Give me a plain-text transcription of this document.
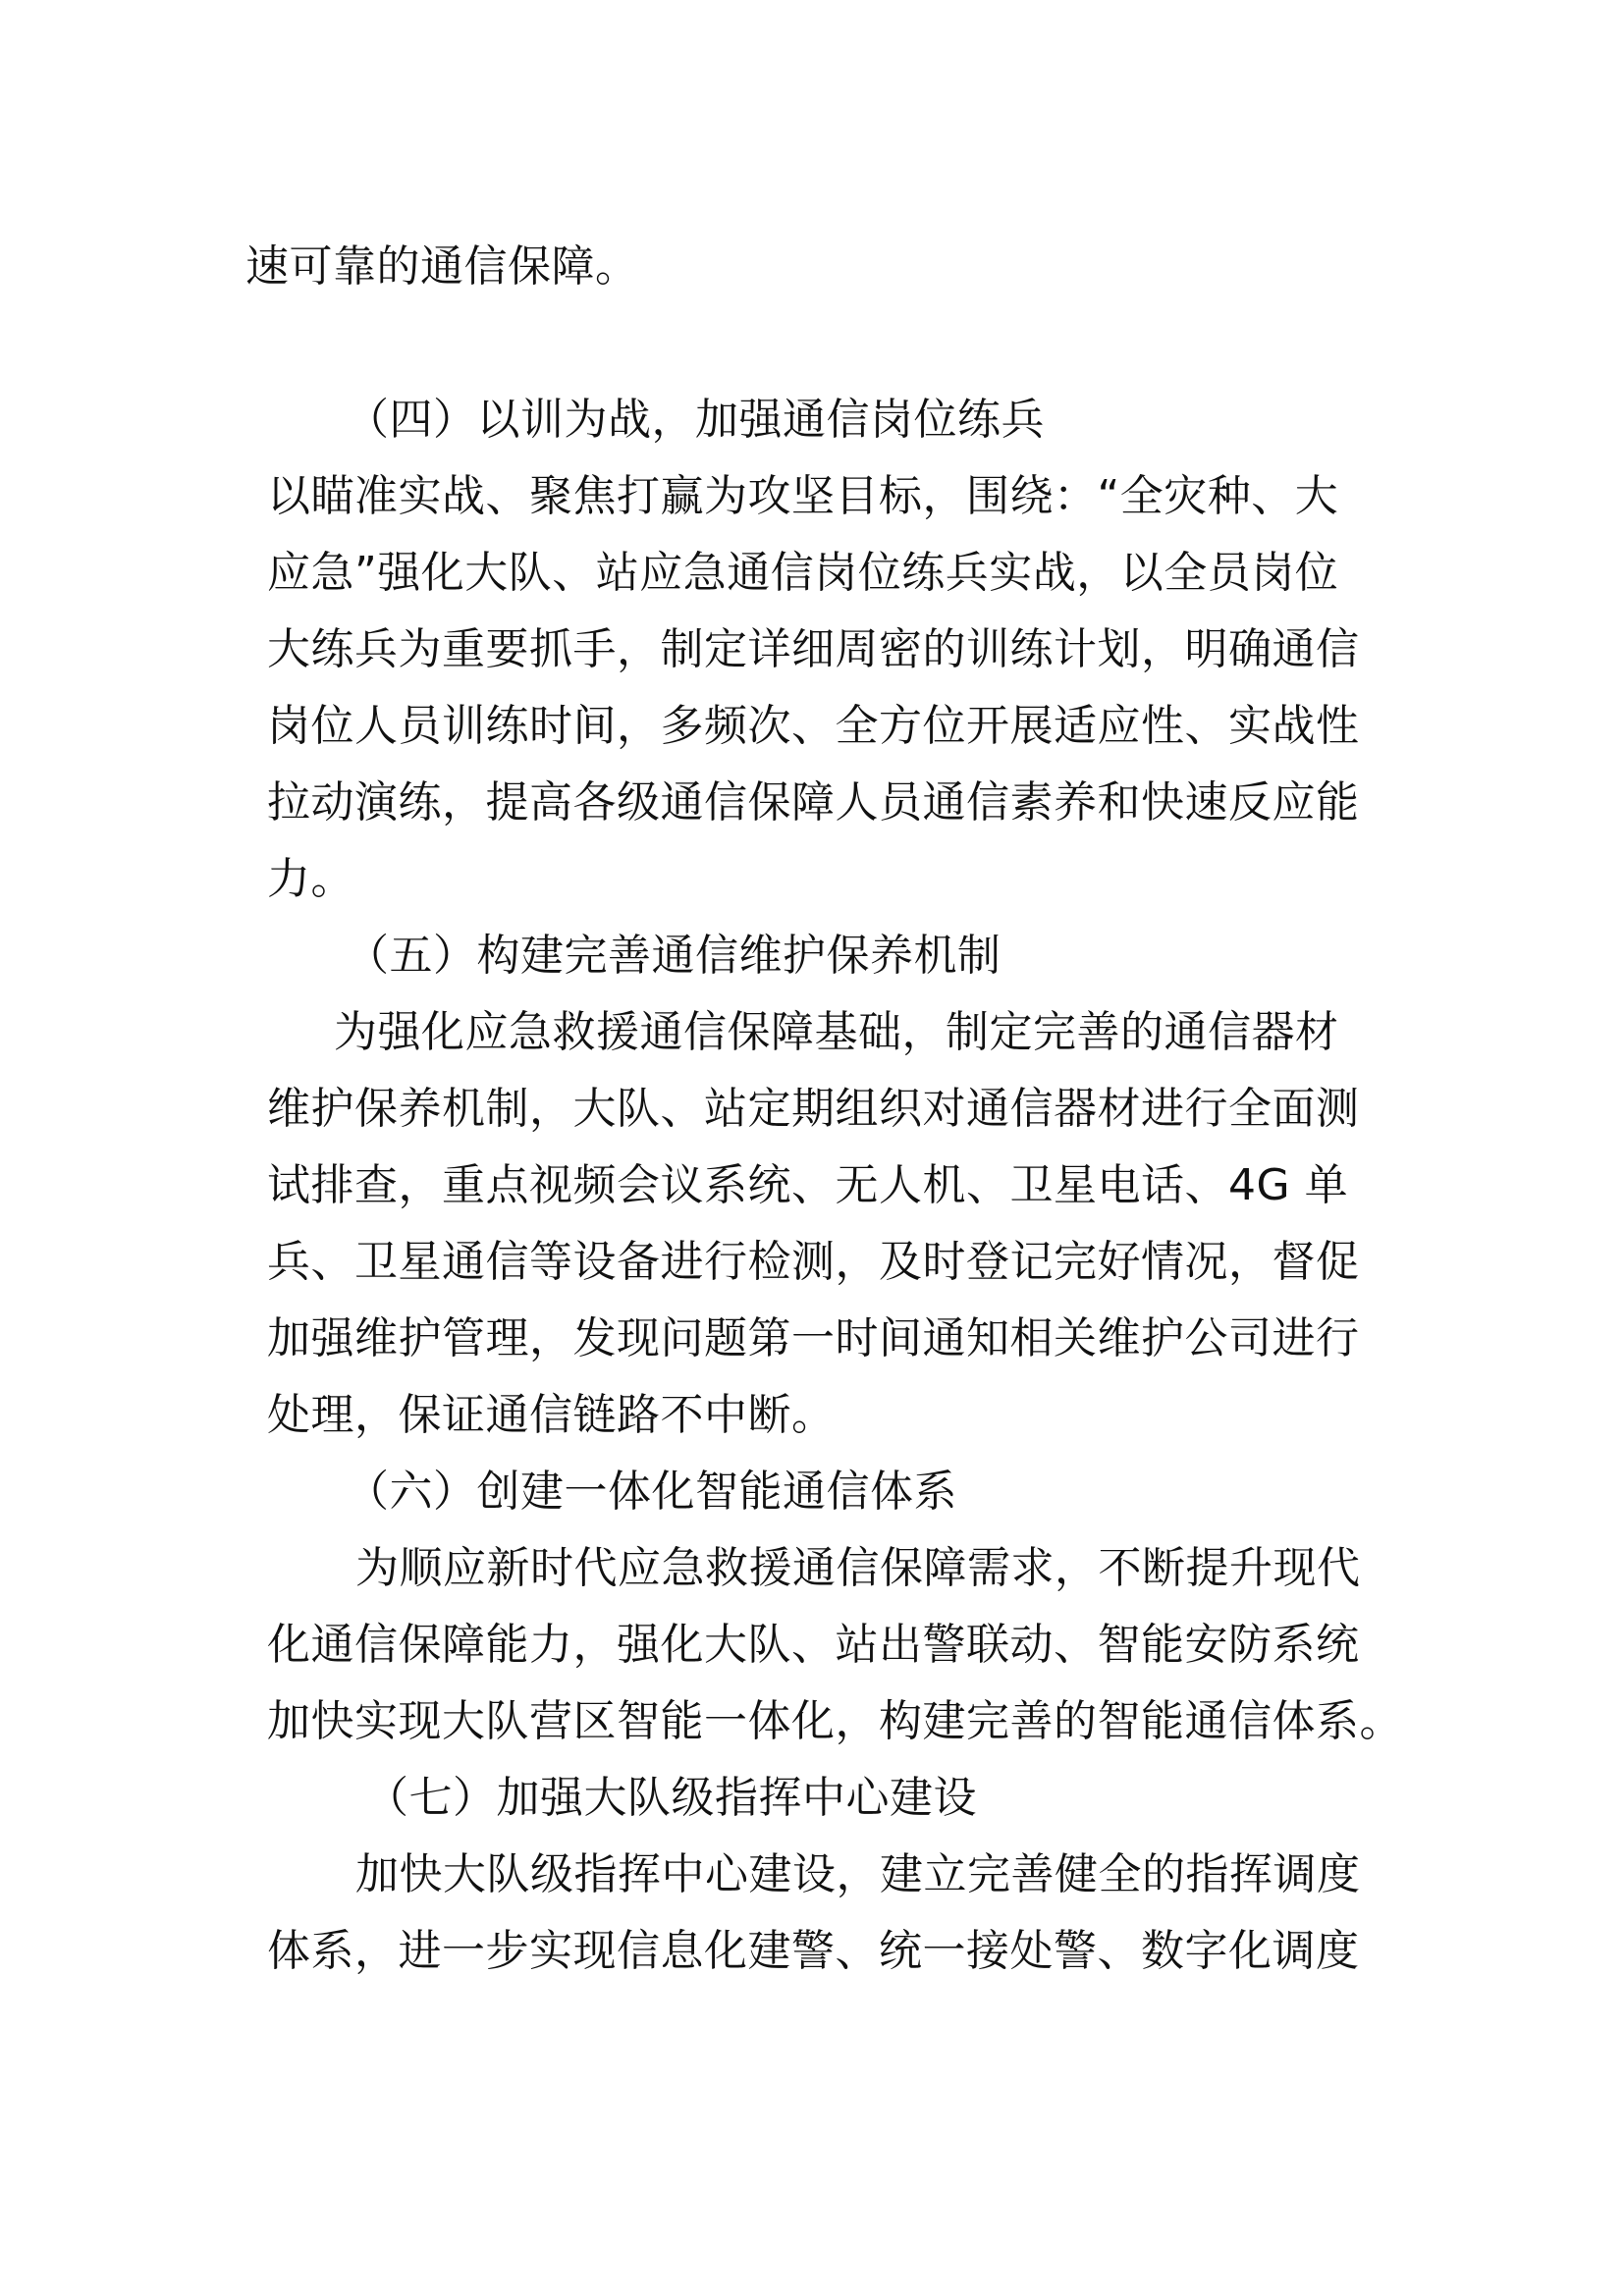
速可靠的通信保障。
（四）以训为战，加强通信岗位练兵
以瞄准实战、聚焦打赢为攻坚目标，围绕：“全灾种、大
应急”强化大队、站应急通信岗位练兵实战，以全员岗位
大练兵为重要抓手，制定详细周密的训练计划，明确通信
岗位人员训练时间，多频次、全方位开展适应性、实战性
拉动演练，提高各级通信保障人员通信素养和快速反应能
力。
（五）构建完善通信维护保养机制
为强化应急救援通信保障基础，制定完善的通信器材
维护保养机制，大队、站定期组织对通信器材进行全面测
试排查，重点视频会议系统、无人机、卫星电话、4G 单
兵、卫星通信等设备进行检测，及时登记完好情况，督促
加强维护管理，发现问题第一时间通知相关维护公司进行
处理，保证通信链路不中断。
（六）创建一体化智能通信体系
为顺应新时代应急救援通信保障需求，不断提升现代
化通信保障能力，强化大队、站出警联动、智能安防系统
加快实现大队营区智能一体化，构建完善的智能通信体系。
（七）加强大队级指挥中心建设
加快大队级指挥中心建设，建立完善健全的指挥调度
体系，进一步实现信息化建警、统一接处警、数字化调度
